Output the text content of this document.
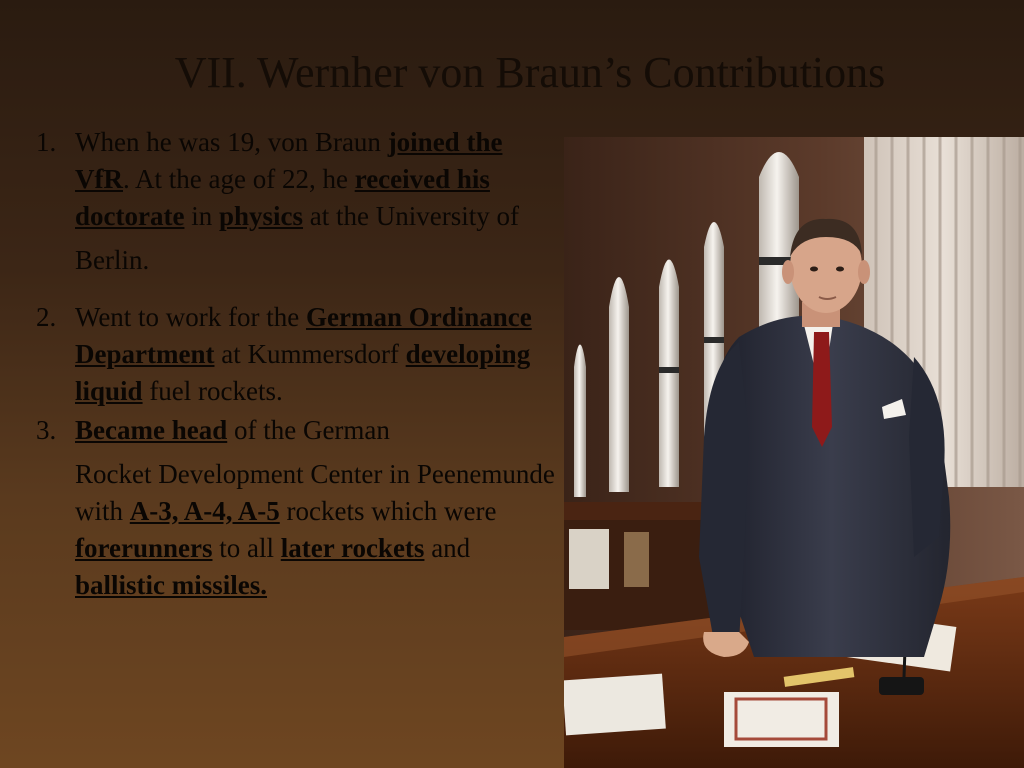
VII. Wernher von Braun’s Contributions
1. When he was 19, von Braun joined the VfR. At the age of 22, he received his doctorate in physics at the University of
Berlin.
2. Went to work for the German Ordinance Department at Kummersdorf developing liquid fuel rockets.
3. Became head of the German
Rocket Development Center in Peenemunde with A-3, A-4, A-5 rockets which were forerunners to all later rockets and ballistic missiles.
